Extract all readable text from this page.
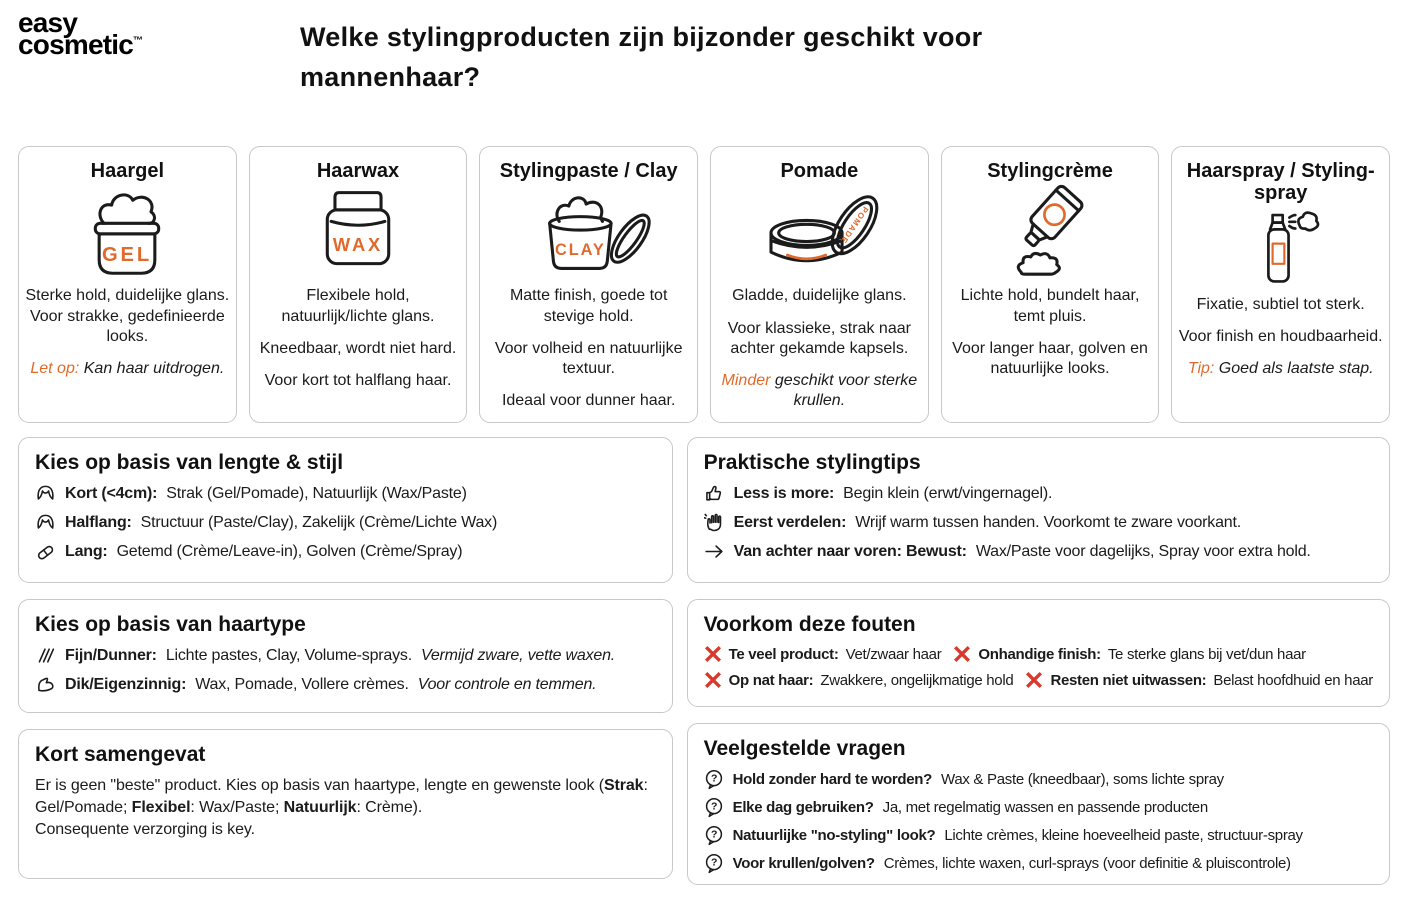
easy
cosmetic™	Welke stylingproducten zijn bijzonder geschikt voor mannenhaar?
Haargel
GEL

Sterke hold, duidelijke glans. Voor strakke, gedefinieerde looks.

Let op: Kan haar uitdrogen.

Haarwax
WAX

Flexibele hold, natuurlijk/lichte glans.

Kneedbaar, wordt niet hard.

Voor kort tot halflang haar.

Stylingpaste / Clay
CLAY

Matte finish, goede tot stevige hold.

Voor volheid en natuurlijke textuur.

Ideaal voor dunner haar.

Pomade
POMADE

Gladde, duidelijke glans.

Voor klassieke, strak naar achter gekamde kapsels.

Minder geschikt voor sterke krullen.

Stylingcrème

Lichte hold, bundelt haar, temt pluis.

Voor langer haar, golven en natuurlijke looks.

Haarspray / Styling-spray

Fixatie, subtiel tot sterk.

Voor finish en houdbaarheid.

Tip: Goed als laatste stap.

Kies op basis van lengte & stijl
Kort (<4cm): Strak (Gel/Pomade), Natuurlijk (Wax/Paste)
Halflang: Structuur (Paste/Clay), Zakelijk (Crème/Lichte Wax)
Lang: Getemd (Crème/Leave-in), Golven (Crème/Spray)
Kies op basis van haartype
Fijn/Dunner: Lichte pastes, Clay, Volume-sprays. Vermijd zware, vette waxen.
Dik/Eigenzinnig: Wax, Pomade, Vollere crèmes. Voor controle en temmen.
Kort samengevat

Er is geen "beste" product. Kies op basis van haartype, lengte en gewenste look (Strak: Gel/Pomade; Flexibel: Wax/Paste; Natuurlijk: Crème).
Consequente verzorging is key.

Praktische stylingtips
Less is more: Begin klein (erwt/vingernagel).
Eerst verdelen: Wrijf warm tussen handen. Voorkomt te zware voorkant.
Van achter naar voren: Bewust: Wax/Paste voor dagelijks, Spray voor extra hold.
Voorkom deze fouten
Te veel product: Vet/zwaar haar Onhandige finish: Te sterke glans bij vet/dun haar
Op nat haar: Zwakkere, ongelijkmatige hold Resten niet uitwassen: Belast hoofdhuid en haar
Veelgestelde vragen
? Hold zonder hard te worden? Wax & Paste (kneedbaar), soms lichte spray
? Elke dag gebruiken? Ja, met regelmatig wassen en passende producten
? Natuurlijke "no-styling" look? Lichte crèmes, kleine hoeveelheid paste, structuur-spray
? Voor krullen/golven? Crèmes, lichte waxen, curl-sprays (voor definitie & pluiscontrole)
